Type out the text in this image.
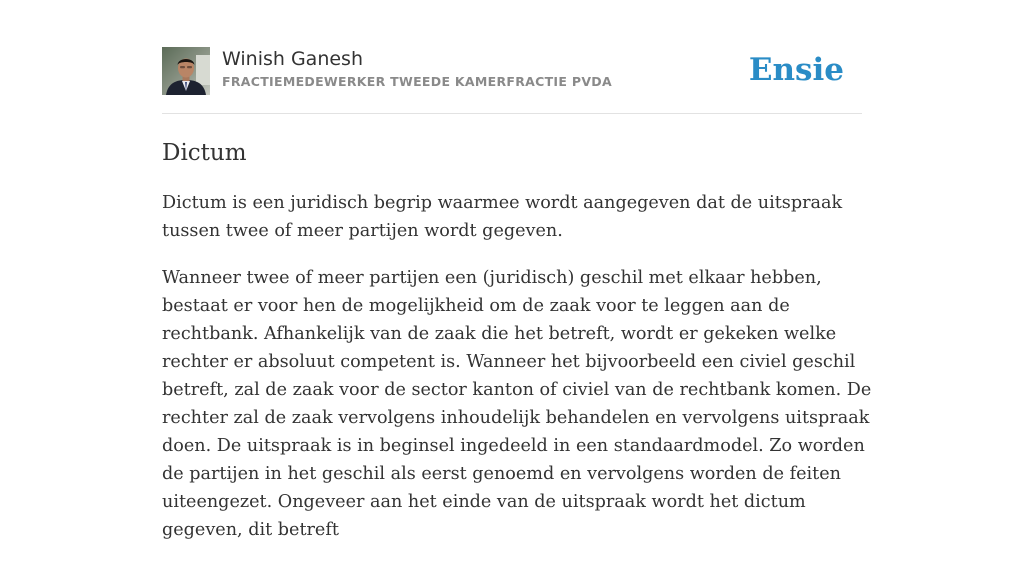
Winish Ganesh
FRACTIEMEDEWERKER TWEEDE KAMERFRACTIE PVDA	Ensie
Dictum

Dictum is een juridisch begrip waarmee wordt aangegeven dat de uitspraak tussen twee of meer partijen wordt gegeven.

Wanneer twee of meer partijen een (juridisch) geschil met elkaar hebben, bestaat er voor hen de mogelijkheid om de zaak voor te leggen aan de rechtbank. Afhankelijk van de zaak die het betreft, wordt er gekeken welke rechter er absoluut competent is. Wanneer het bijvoorbeeld een civiel geschil betreft, zal de zaak voor de sector kanton of civiel van de rechtbank komen. De rechter zal de zaak vervolgens inhoudelijk behandelen en vervolgens uitspraak doen. De uitspraak is in beginsel ingedeeld in een standaardmodel. Zo worden de partijen in het geschil als eerst genoemd en vervolgens worden de feiten uiteengezet. Ongeveer aan het einde van de uitspraak wordt het dictum gegeven, dit betreft
